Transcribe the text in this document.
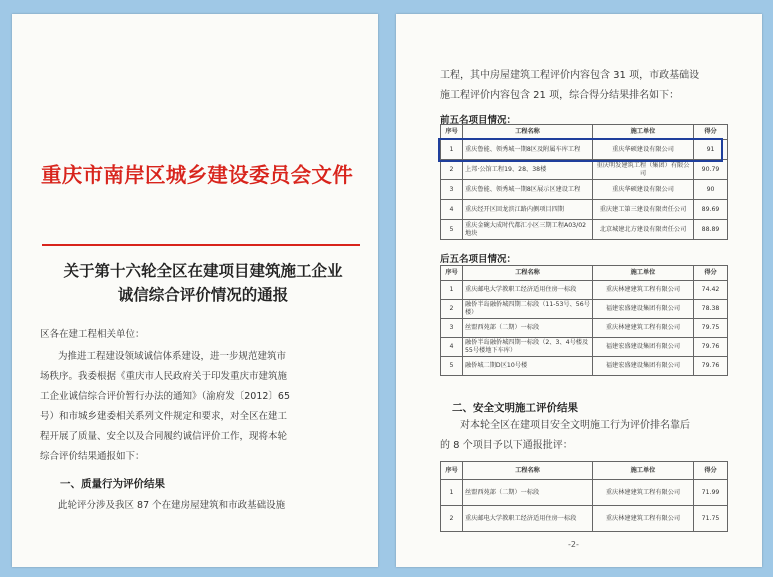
重庆市南岸区城乡建设委员会文件
关于第十六轮全区在建项目建筑施工企业
诚信综合评价情况的通报
区各在建工程相关单位：
为推进工程建设领域诚信体系建设，进一步规范建筑市
场秩序。我委根据《重庆市人民政府关于印发重庆市建筑施
工企业诚信综合评价暂行办法的通知》（渝府发〔2012〕65
号）和市城乡建委相关系列文件规定和要求，对全区在建工
程开展了质量、安全以及合同履约诚信评价工作，现将本轮
综合评价结果通报如下：
一、质量行为评价结果
此轮评分涉及我区 87 个在建房屋建筑和市政基础设施
工程，其中房屋建筑工程评价内容包含 31 项，市政基础设
施工程评价内容包含 21 项，综合得分结果排名如下：
前五名项目情况：
序号	工程名称	施工单位	得分
1	重庆鲁能、领秀城一期8区及附属车库工程	重庆华硕建设有限公司	91
2	上邦·公馆工程19、28、38楼	重庆明发建筑工程（集团）有限公司	90.79
3	重庆鲁能、领秀城一期8区展示区建设工程	重庆华硕建设有限公司	90
4	重庆经开区回龙滨江路内侧项目四期	重庆建工第三建设有限责任公司	89.69
5	重庆金碗大成时代都汇小区三期工程A03/02地块	北京城建北方建设有限责任公司	88.89
后五名项目情况：
序号	工程名称	施工单位	得分
1	重庆邮电大学教职工经济适用住房一标段	重庆林建建筑工程有限公司	74.42
2	融侨半岛融侨城四期二标段（11-53号、56号楼）	福建宏盛建设集团有限公司	78.38
3	丝盟西苑部（二期）一标段	重庆林建建筑工程有限公司	79.75
4	融侨半岛融侨城四期一标段（2、3、4号楼及55号楼地下车库）	福建宏盛建设集团有限公司	79.76
5	融侨城二期D区10号楼	福建宏盛建设集团有限公司	79.76
二、安全文明施工评价结果
对本轮全区在建项目安全文明施工行为评价排名靠后
的 8 个项目予以下通报批评：
序号	工程名称	施工单位	得分
1	丝盟西苑部（二期）一标段	重庆林建建筑工程有限公司	71.99
2	重庆邮电大学教职工经济适用住房一标段	重庆林建建筑工程有限公司	71.75
-2-
